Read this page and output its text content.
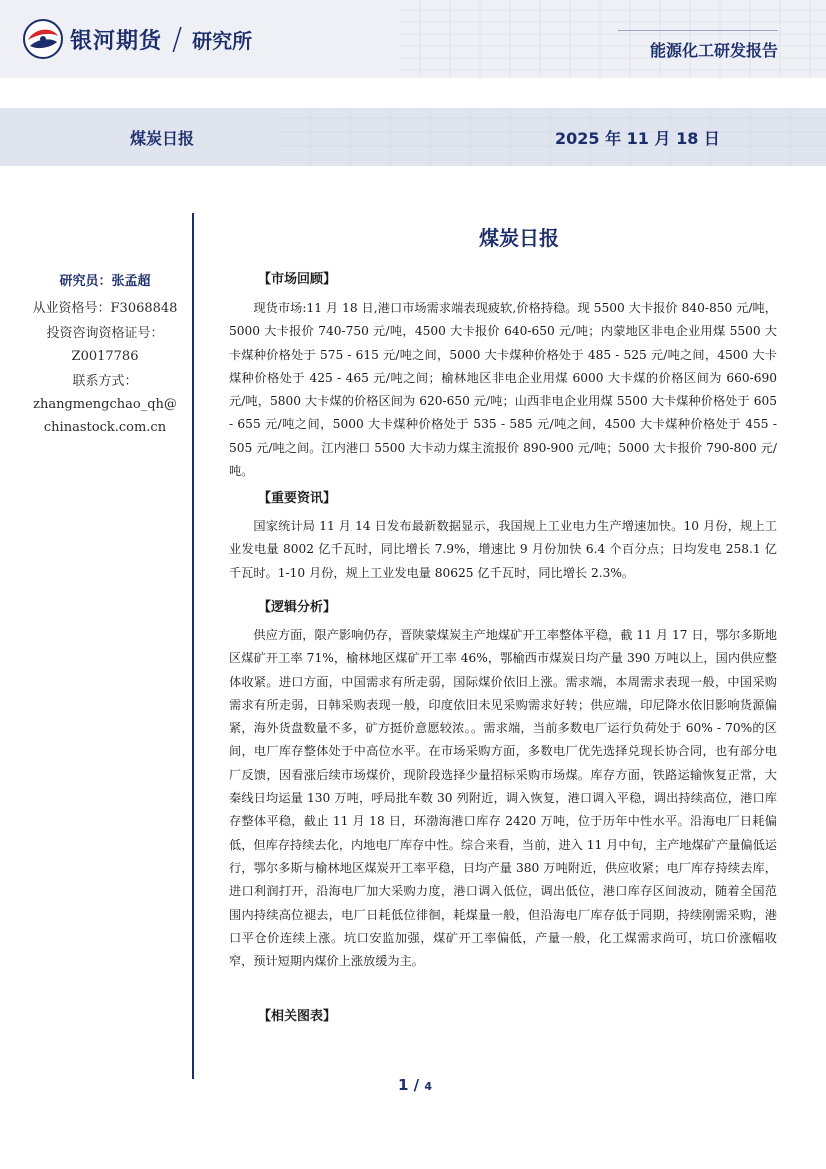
银河期货 / 研究所	能源化工研发报告
煤炭日报	2025 年 11 月 18 日
研究员：张孟超
从业资格号：F3068848
投资咨询资格证号：
Z0017786
联系方式：
zhangmengchao_qh@
chinastock.com.cn
煤炭日报
【市场回顾】
现货市场:11 月 18 日,港口市场需求端表现疲软,价格持稳。现 5500 大卡报价 840-850 元/吨，5000 大卡报价 740-750 元/吨，4500 大卡报价 640-650 元/吨；内蒙地区非电企业用煤 5500 大卡煤种价格处于 575 - 615 元/吨之间，5000 大卡煤种价格处于 485 - 525 元/吨之间，4500 大卡煤种价格处于 425 - 465 元/吨之间；榆林地区非电企业用煤 6000 大卡煤的价格区间为 660-690 元/吨，5800 大卡煤的价格区间为 620-650 元/吨；山西非电企业用煤 5500 大卡煤种价格处于 605 - 655 元/吨之间，5000 大卡煤种价格处于 535 - 585 元/吨之间，4500 大卡煤种价格处于 455 - 505 元/吨之间。江内港口 5500 大卡动力煤主流报价 890-900 元/吨；5000 大卡报价 790-800 元/吨。
【重要资讯】
国家统计局 11 月 14 日发布最新数据显示，我国规上工业电力生产增速加快。10 月份，规上工业发电量 8002 亿千瓦时，同比增长 7.9%，增速比 9 月份加快 6.4 个百分点；日均发电 258.1 亿千瓦时。1-10 月份，规上工业发电量 80625 亿千瓦时，同比增长 2.3%。
【逻辑分析】
供应方面，限产影响仍存，晋陕蒙煤炭主产地煤矿开工率整体平稳，截 11 月 17 日，鄂尔多斯地区煤矿开工率 71%，榆林地区煤矿开工率 46%，鄂榆西市煤炭日均产量 390 万吨以上，国内供应整体收紧。进口方面，中国需求有所走弱，国际煤价依旧上涨。需求端，本周需求表现一般，中国采购需求有所走弱，日韩采购表现一般，印度依旧未见采购需求好转；供应端，印尼降水依旧影响货源偏紧，海外货盘数量不多，矿方挺价意愿较浓。。需求端，当前多数电厂运行负荷处于 60% - 70%的区间，电厂库存整体处于中高位水平。在市场采购方面，多数电厂优先选择兑现长协合同，也有部分电厂反馈，因看涨后续市场煤价，现阶段选择少量招标采购市场煤。库存方面，铁路运输恢复正常，大秦线日均运量 130 万吨，呼局批车数 30 列附近，调入恢复，港口调入平稳，调出持续高位，港口库存整体平稳，截止 11 月 18 日，环渤海港口库存 2420 万吨，位于历年中性水平。沿海电厂日耗偏低，但库存持续去化，内地电厂库存中性。综合来看，当前，进入 11 月中旬，主产地煤矿产量偏低运行，鄂尔多斯与榆林地区煤炭开工率平稳，日均产量 380 万吨附近，供应收紧；电厂库存持续去库，进口利润打开，沿海电厂加大采购力度，港口调入低位，调出低位，港口库存区间波动，随着全国范围内持续高位褪去，电厂日耗低位徘徊，耗煤量一般，但沿海电厂库存低于同期，持续刚需采购，港口平仓价连续上涨。坑口安监加强，煤矿开工率偏低，产量一般，化工煤需求尚可，坑口价涨幅收窄，预计短期内煤价上涨放缓为主。
【相关图表】
1 / 4
